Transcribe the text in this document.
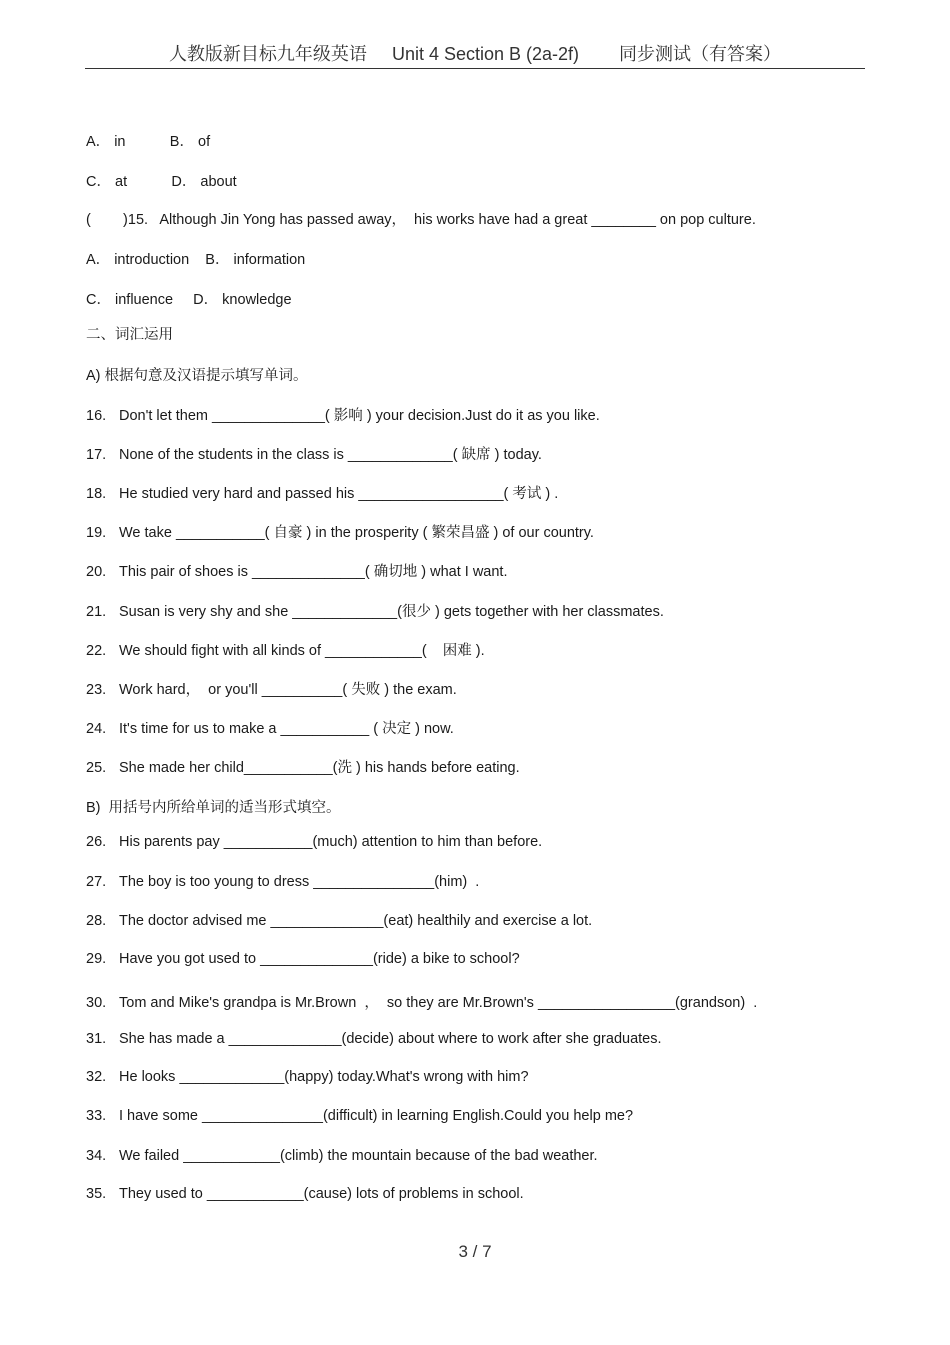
人教版新目标九年级英语     Unit 4 Section B (2a-2f)        同步测试（有答案）
A． in           B． of
C． at           D． about
(        )15.   Although Jin Yong has passed away，  his works have had a great ________ on pop culture.
A． introduction    B． information
C． influence     D． knowledge
二、词汇运用
A) 根据句意及汉语提示填写单词。
16. Don't let them ______________( 影响 ) your decision.Just do it as you like.
17. None of the students in the class is _____________( 缺席 ) today.
18. He studied very hard and passed his __________________( 考试 ) .
19. We take ___________( 自豪 ) in the prosperity ( 繁荣昌盛 ) of our country.
20. This pair of shoes is ______________( 确切地 ) what I want.
21. Susan is very shy and she _____________(很少 ) gets together with her classmates.
22. We should fight with all kinds of ____________(    困难 ).
23. Work hard，  or you'll __________( 失败 ) the exam.
24. It's time for us to make a ___________ ( 决定 ) now.
25. She made her child___________(洗 ) his hands before eating.
B)  用括号内所给单词的适当形式填空。
26. His parents pay ___________(much) attention to him than before.
27. The boy is too young to dress _______________(him)  .
28. The doctor advised me ______________(eat) healthily and exercise a lot.
29. Have you got used to ______________(ride) a bike to school?
30. Tom and Mike's grandpa is Mr.Brown  ，  so they are Mr.Brown's _________________(grandson)  .
31. She has made a ______________(decide) about where to work after she graduates.
32. He looks _____________(happy) today.What's wrong with him?
33. I have some _______________(difficult) in learning English.Could you help me?
34. We failed ____________(climb) the mountain because of the bad weather.
35. They used to ____________(cause) lots of problems in school.
3 / 7
